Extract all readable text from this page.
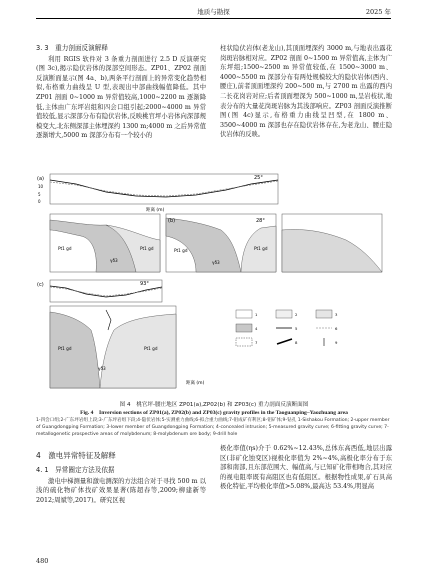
地质与勘探	2025 年

3. 3　重力剖面反演解释

利用 RGIS 软件对 3 条重力剖面进行 2.5 D 反演研究(图 3c),揭示隐伏岩体的深部空间形态。ZP01、ZP02 剖面反演断面显示(图 4a、b),两条平行剖面上的异常变化趋势相似,布格重力曲线呈 U 型,表现出中部曲线幅值降低。其中 ZP01 剖面 0~1000 m 异常值较高,1000~2200 m 逐渐降低,主体由广东坪岩组和四会口组引起;2000~4000 m 异常值较低,显示深部分布有隐伏岩体,反映桃官坪小岩体向深部规模变大,北东侧深部主体埋深约 1300 m;4000 m 之后异常值逐渐增大,5000 m 深部分布有一个较小的

柱状隐伏岩体(老龙山),其顶面埋深约 3000 m,与地表出露花岗斑岩脉相对应。ZP02 剖面 0~1500 m 异常值高,主体为广东坪组;1500~2500 m 异常值较低,在 1500~3000 m、4000~5500 m 深部分布有两处规模较大的隐伏岩体(西内、腰庄),前者顶面埋深约 200~500 m,与 2700 m 出露的西内二长花岗岩对应;后者顶面埋深为 500~1000 m,呈岩枝状,地表分布的大量花岗斑岩脉为其浅部响应。ZP03 剖面反演推断图(图 4c)显示,布格重力曲线呈凹型,在 1800 m、3500~4000 m 深部也存在隐伏岩体存在,为老龙山、腰庄隐伏岩体的反映。

(a)	25°
10
5
0
距离 (m)
Pt1 gd
γδ3
Pt1 gd	Pt1 gd	Pt1 gd
γδ3
(b)	28°
(c)	93°
Pt1 gd
γδ3
Pt1 gd
1	2	3
4	5	6
7	8	9
距离 (m)
图 4　桃官坪-腰庄地区 ZP01(a),ZP02(b) 和 ZP03(c) 重力剖面反演断面图
Fig. 4　Inversion sections of ZP01(a), ZP02(b) and ZP03(c) gravity profiles in the Taoguanping–Yaozhuang area
1-四会口组;2-广东坪岩组上段;3-广东坪岩组下段;4-隐伏岩体;5-实测重力曲线;6-拟合重力曲线;7-钼成矿有利区;8-钼矿体;9-钻孔 1-Sishakou Formation; 2-upper member of Guangdongping Formation; 3-lower member of Guangdongping Formation; 4-concealed intrusion; 5-measured gravity curve; 6-fitting gravity curve; 7-metallogenetic prospective areas of molybdenum; 8-molybdenum ore body; 9-drill hole
4　激电异常特征及解释

4. 1　异常圈定方法及依据

激电中梯测量和激电测深的方法组合对于寻找 500 m 以浅的硫化物矿体找矿效果显著(陈超春等,2009;柳建新等 2012;周斌等,2017)。研究区视

极化率值(ηs)介于 0.62%~12.43%,总体东高西低,地层出露区(非矿化蚀变区)视极化率值为 2%~4%,高极化率分布于东部和南部,且东部范围大、幅值高,与已知矿化带相吻合,其对应的视电阻率既有高阻区也有低阻区。根据物性成果,矿石具高极化特征,平均极化率值>5.08%,最高达 53.4%,明显高

480
